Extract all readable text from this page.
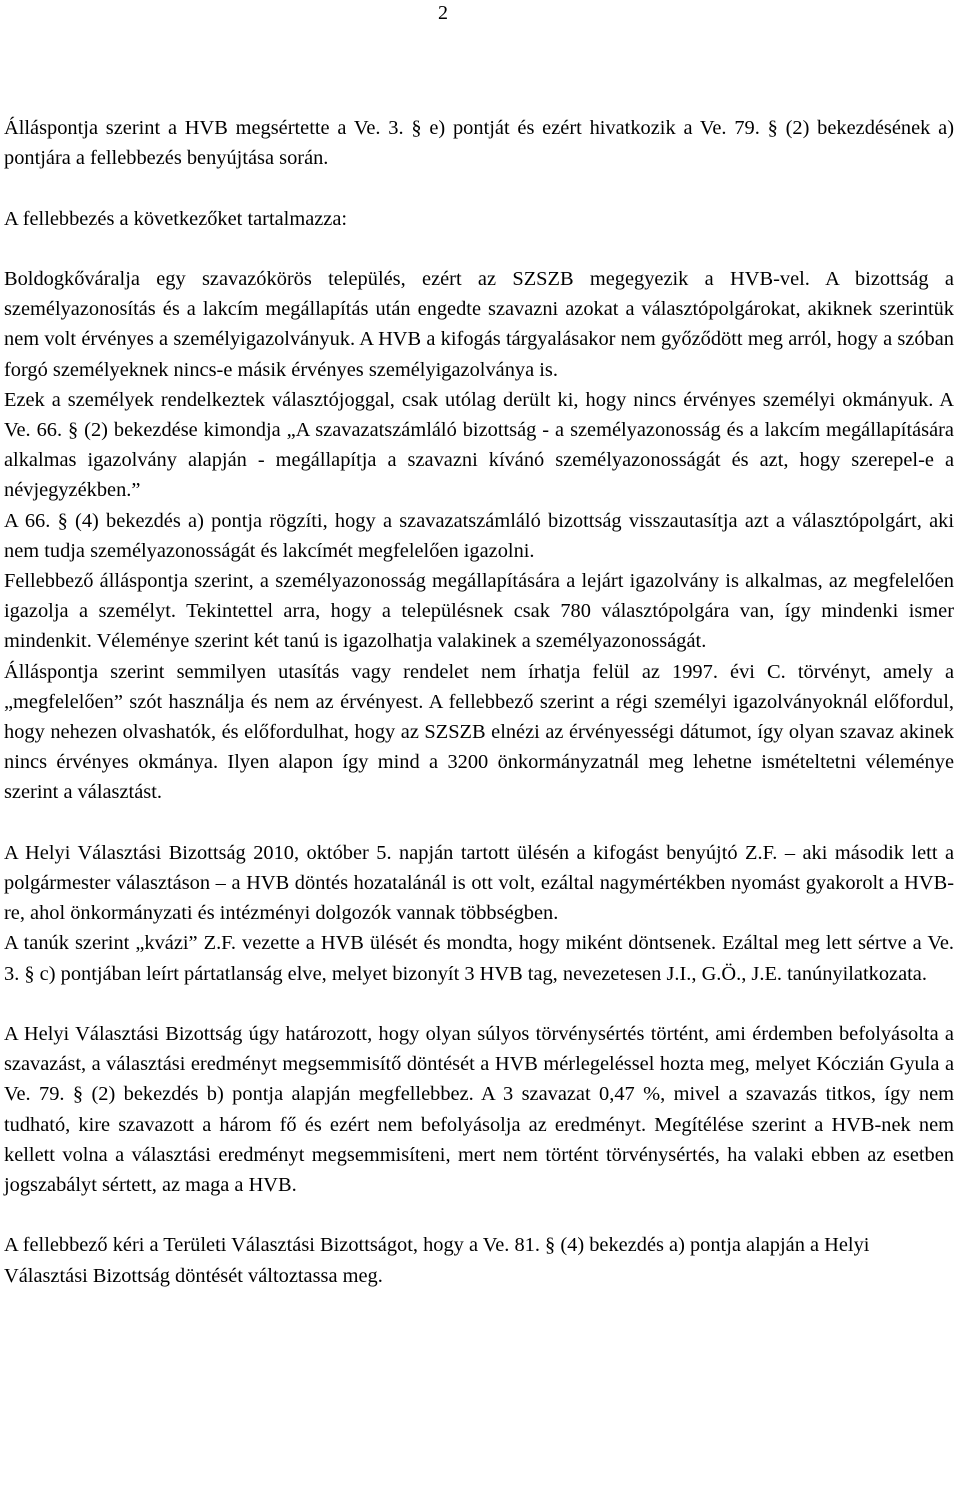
2

Álláspontja szerint a HVB megsértette a Ve. 3. § e) pontját és ezért hivatkozik a Ve. 79. § (2) bekezdésének a) pontjára a fellebbezés benyújtása során.

A fellebbezés a következőket tartalmazza:

Boldogkőváralja egy szavazókörös település, ezért az SZSZB megegyezik a HVB-vel. A bizottság a személyazonosítás és a lakcím megállapítás után engedte szavazni azokat a választópolgárokat, akiknek szerintük nem volt érvényes a személyigazolványuk. A HVB a kifogás tárgyalásakor nem győződött meg arról, hogy a szóban forgó személyeknek nincs-e másik érvényes személyigazolványa is.

Ezek a személyek rendelkeztek választójoggal, csak utólag derült ki, hogy nincs érvényes személyi okmányuk. A Ve. 66. § (2) bekezdése kimondja „A szavazatszámláló bizottság - a személyazonosság és a lakcím megállapítására alkalmas igazolvány alapján - megállapítja a szavazni kívánó személyazonosságát és azt, hogy szerepel-e a névjegyzékben.”

A 66. § (4) bekezdés a) pontja rögzíti, hogy a szavazatszámláló bizottság visszautasítja azt a választópolgárt, aki nem tudja személyazonosságát és lakcímét megfelelően igazolni.

Fellebbező álláspontja szerint, a személyazonosság megállapítására a lejárt igazolvány is alkalmas, az megfelelően igazolja a személyt. Tekintettel arra, hogy a településnek csak 780 választópolgára van, így mindenki ismer mindenkit. Véleménye szerint két tanú is igazolhatja valakinek a személyazonosságát.

Álláspontja szerint semmilyen utasítás vagy rendelet nem írhatja felül az 1997. évi C. törvényt, amely a „megfelelően” szót használja és nem az érvényest. A fellebbező szerint a régi személyi igazolványoknál előfordul, hogy nehezen olvashatók, és előfordulhat, hogy az SZSZB elnézi az érvényességi dátumot, így olyan szavaz akinek nincs érvényes okmánya. Ilyen alapon így mind a 3200 önkormányzatnál meg lehetne ismételtetni véleménye szerint a választást.

A Helyi Választási Bizottság 2010, október 5. napján tartott ülésén a kifogást benyújtó Z.F. – aki második lett a polgármester választáson – a HVB döntés hozatalánál is ott volt, ezáltal nagymértékben nyomást gyakorolt a HVB-re, ahol önkormányzati és intézményi dolgozók vannak többségben.

A tanúk szerint „kvázi” Z.F. vezette a HVB ülését és mondta, hogy miként döntsenek. Ezáltal meg lett sértve a Ve. 3. § c) pontjában leírt pártatlanság elve, melyet bizonyít 3 HVB tag, nevezetesen J.I., G.Ö., J.E. tanúnyilatkozata.

A Helyi Választási Bizottság úgy határozott, hogy olyan súlyos törvénysértés történt, ami érdemben befolyásolta a szavazást, a választási eredményt megsemmisítő döntését a HVB mérlegeléssel hozta meg, melyet Kóczián Gyula a Ve. 79. § (2) bekezdés b) pontja alapján megfellebbez. A 3 szavazat 0,47 %, mivel a szavazás titkos, így nem tudható, kire szavazott a három fő és ezért nem befolyásolja az eredményt. Megítélése szerint a HVB-nek nem kellett volna a választási eredményt megsemmisíteni, mert nem történt törvénysértés, ha valaki ebben az esetben jogszabályt sértett, az maga a HVB.

A fellebbező kéri a Területi Választási Bizottságot, hogy a Ve. 81. § (4) bekezdés a) pontja alapján a Helyi Választási Bizottság döntését változtassa meg.
